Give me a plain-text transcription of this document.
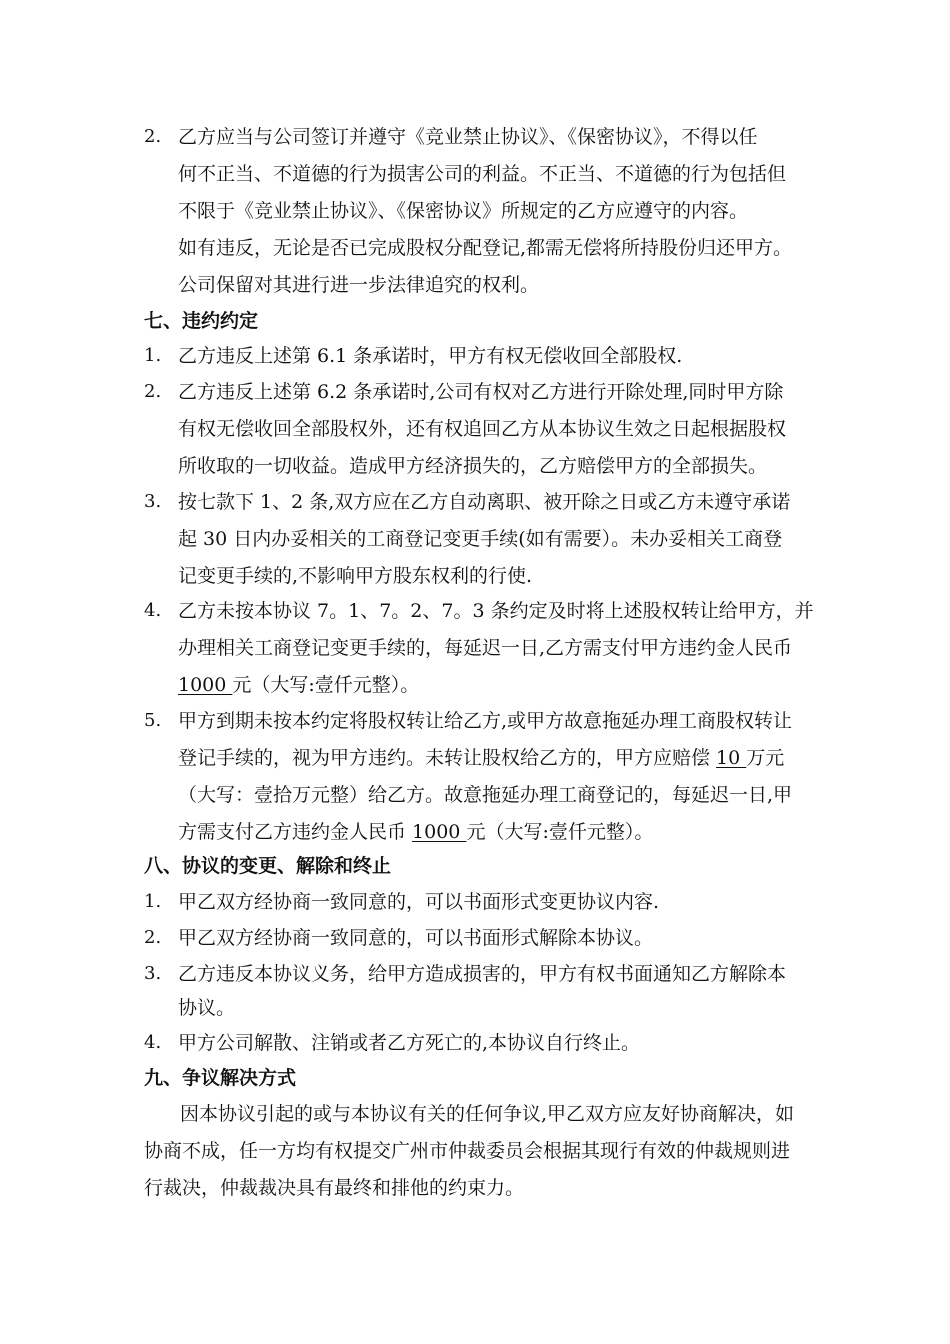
2. 乙方应当与公司签订并遵守《竞业禁止协议》、《保密协议》，不得以任
何不正当、不道德的行为损害公司的利益。不正当、不道德的行为包括但
不限于《竞业禁止协议》、《保密协议》所规定的乙方应遵守的内容。
如有违反，无论是否已完成股权分配登记,都需无偿将所持股份归还甲方。
公司保留对其进行进一步法律追究的权利。
七、违约约定
1. 乙方违反上述第 6.1 条承诺时，甲方有权无偿收回全部股权.
2. 乙方违反上述第 6.2 条承诺时,公司有权对乙方进行开除处理,同时甲方除
有权无偿收回全部股权外，还有权追回乙方从本协议生效之日起根据股权
所收取的一切收益。造成甲方经济损失的，乙方赔偿甲方的全部损失。
3. 按七款下 1、2 条,双方应在乙方自动离职、被开除之日或乙方未遵守承诺
起 30 日内办妥相关的工商登记变更手续(如有需要）。未办妥相关工商登
记变更手续的,不影响甲方股东权利的行使.
4. 乙方未按本协议 7。1、7。2、7。3 条约定及时将上述股权转让给甲方，并
办理相关工商登记变更手续的，每延迟一日,乙方需支付甲方违约金人民币
1000 元（大写:壹仟元整）。
5. 甲方到期未按本约定将股权转让给乙方,或甲方故意拖延办理工商股权转让
登记手续的，视为甲方违约。未转让股权给乙方的，甲方应赔偿 10 万元
（大写：壹拾万元整）给乙方。故意拖延办理工商登记的，每延迟一日,甲
方需支付乙方违约金人民币 1000 元（大写:壹仟元整）。
八、协议的变更、解除和终止
1. 甲乙双方经协商一致同意的，可以书面形式变更协议内容.
2. 甲乙双方经协商一致同意的，可以书面形式解除本协议。
3. 乙方违反本协议义务，给甲方造成损害的，甲方有权书面通知乙方解除本
协议。
4. 甲方公司解散、注销或者乙方死亡的,本协议自行终止。
九、争议解决方式
因本协议引起的或与本协议有关的任何争议,甲乙双方应友好协商解决，如
协商不成，任一方均有权提交广州市仲裁委员会根据其现行有效的仲裁规则进
行裁决，仲裁裁决具有最终和排他的约束力。
